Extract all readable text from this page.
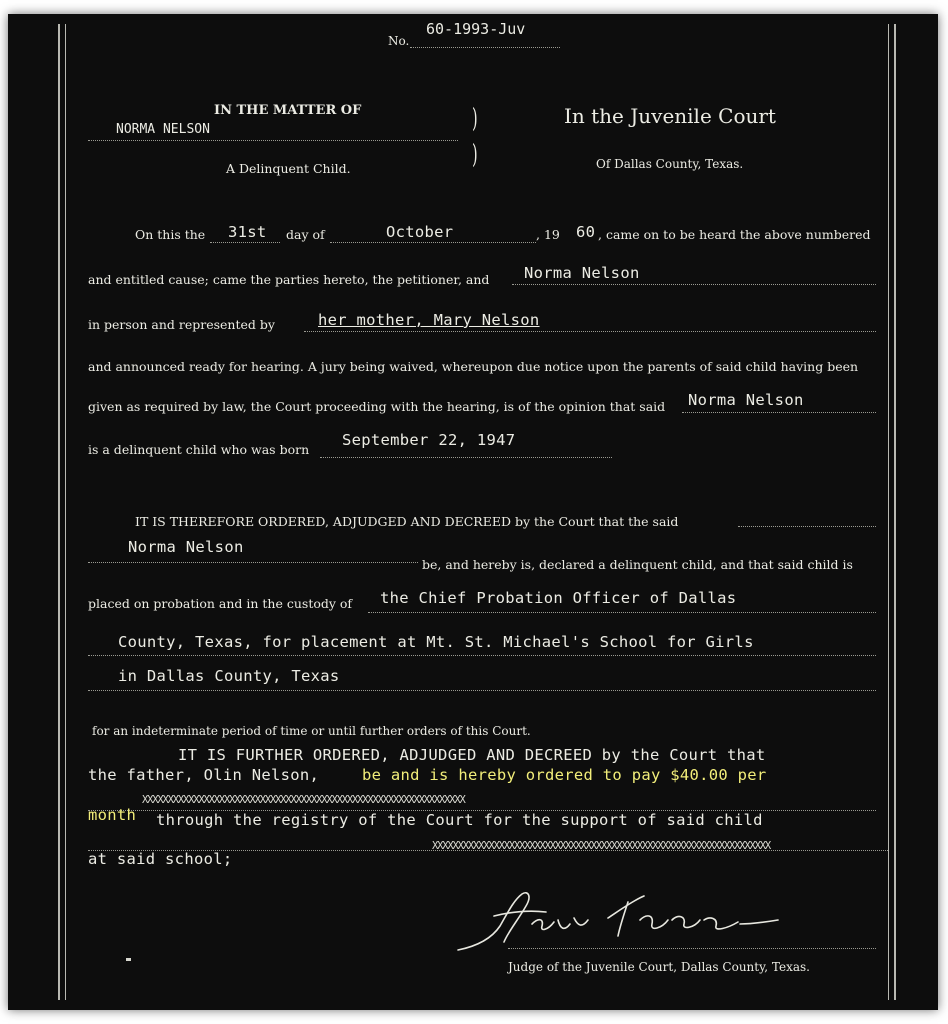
No.
60-1993-Juv
IN THE MATTER OF
NORMA NELSON
A Delinquent Child.
)
)
In the Juvenile Court
Of Dallas County, Texas.
On this the 31st day of	October	, 19 60 , came on to be heard the above numbered
and entitled cause; came the parties hereto, the petitioner, and Norma Nelson
in person and represented by	her mother, Mary Nelson
and announced ready for hearing. A jury being waived, whereupon due notice upon the parents of said child having been
given as required by law, the Court proceeding with the hearing, is of the opinion that said Norma Nelson
is a delinquent child who was born
September 22, 1947
IT IS THEREFORE ORDERED, ADJUDGED AND DECREED by the Court that the said
Norma Nelson
be, and hereby is, declared a delinquent child, and that said child is
placed on probation and in the custody of the Chief Probation Officer of Dallas
County, Texas, for placement at Mt. St. Michael's School for Girls
in Dallas County, Texas
for an indeterminate period of time or until further orders of this Court.
IT IS FURTHER ORDERED, ADJUDGED AND DECREED by the Court that
the father, Olin Nelson,	be and is hereby ordered to pay $40.00 per
XXXXXXXXXXXXXXXXXXXXXXXXXXXXXXXXXXXXXXXXXXXXXXXXXXXXXXXXXXXXXXX
month through the registry of the Court for the support of said child
XXXXXXXXXXXXXXXXXXXXXXXXXXXXXXXXXXXXXXXXXXXXXXXXXXXXXXXXXXXXXXXXXX
at said school;
Judge of the Juvenile Court, Dallas County, Texas.
